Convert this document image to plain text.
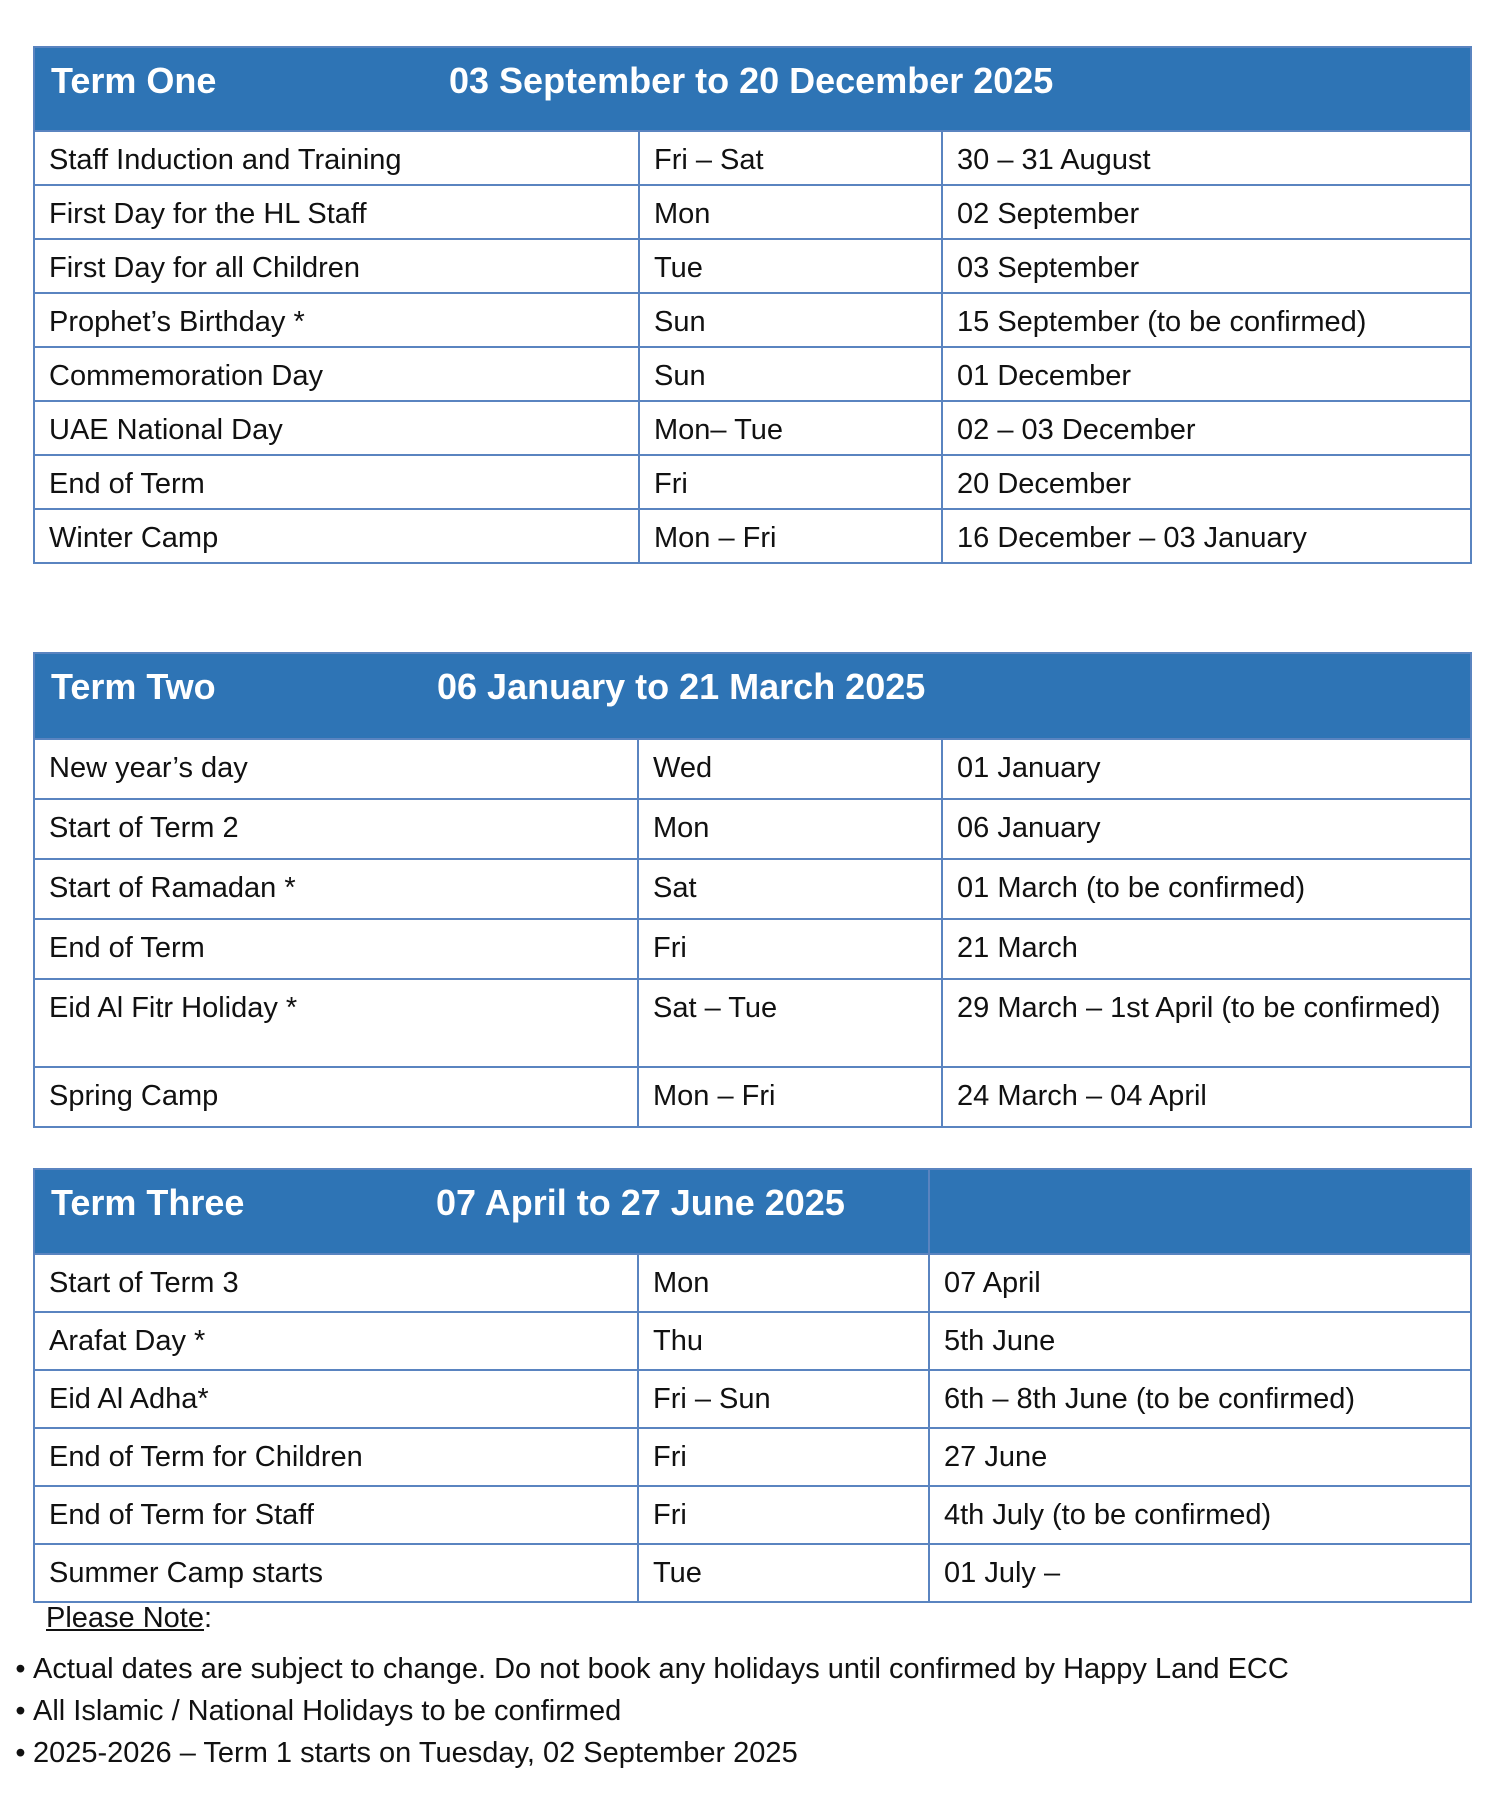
Term One 03 September to 20 December 2025		

Staff Induction and Training	Fri – Sat	30 – 31 August
First Day for the HL Staff	Mon	02 September
First Day for all Children	Tue	03 September
Prophet’s Birthday *	Sun	15 September (to be confirmed)
Commemoration Day	Sun	01 December
UAE National Day	Mon– Tue	02 – 03 December
End of Term	Fri	20 December
Winter Camp	Mon – Fri	16 December – 03 January
Term Two 06 January to 21 March 2025		

New year’s day	Wed	01 January
Start of Term 2	Mon	06 January
Start of Ramadan *	Sat	01 March (to be confirmed)
End of Term	Fri	21 March
Eid Al Fitr Holiday *	Sat – Tue	29 March – 1st April (to be confirmed)
Spring Camp	Mon – Fri	24 March – 04 April
Term Three 07 April to 27 June 2025		

Start of Term 3	Mon	07 April
Arafat Day *	Thu	5th June
Eid Al Adha*	Fri – Sun	6th – 8th June (to be confirmed)
End of Term for Children	Fri	27 June
End of Term for Staff	Fri	4th July (to be confirmed)
Summer Camp starts	Tue	01 July –
Please Note:
• Actual dates are subject to change. Do not book any holidays until confirmed by Happy Land ECC
• All Islamic / National Holidays to be confirmed
• 2025-2026 – Term 1 starts on Tuesday, 02 September 2025
